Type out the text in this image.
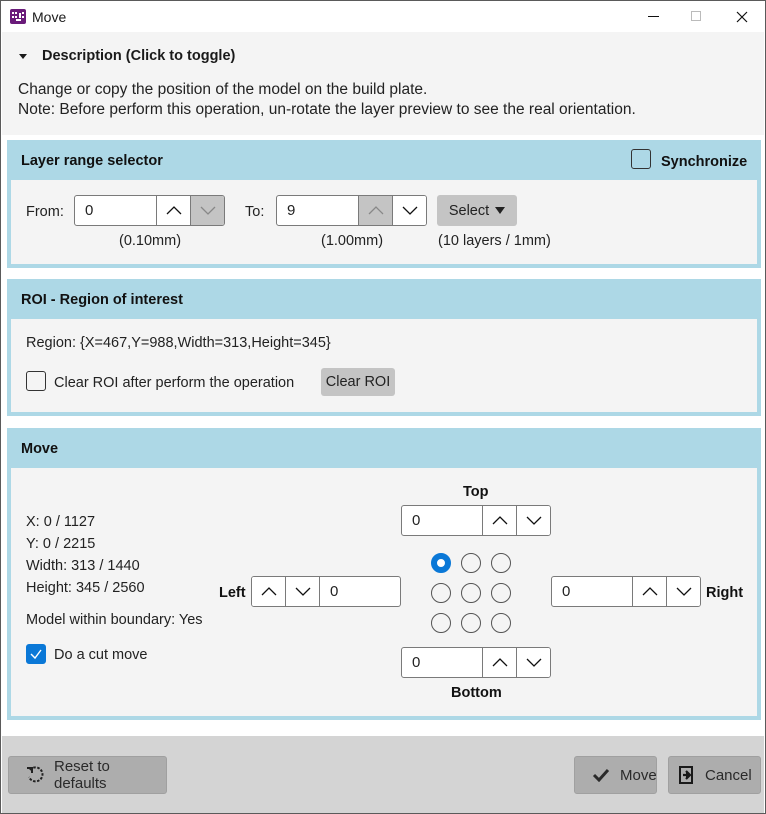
Move
Description (Click to toggle)
Change or copy the position of the model on the build plate.
Note: Before perform this operation, un-rotate the layer preview to see the real orientation.
Layer range selector	Synchronize
From:	0
(0.10mm)
To:	9
(1.00mm)
Select
(10 layers / 1mm)
ROI - Region of interest
Region: {X=467,Y=988,Width=313,Height=345}
Clear ROI after perform the operation Clear ROI
Move
X: 0 / 1127
Y: 0 / 2215
Width: 313 / 1440
Height: 345 / 2560
Model within boundary: Yes
Do a cut move
Top
0
Left	0	0	Right
0
Bottom
Reset to defaults	Move	Cancel
